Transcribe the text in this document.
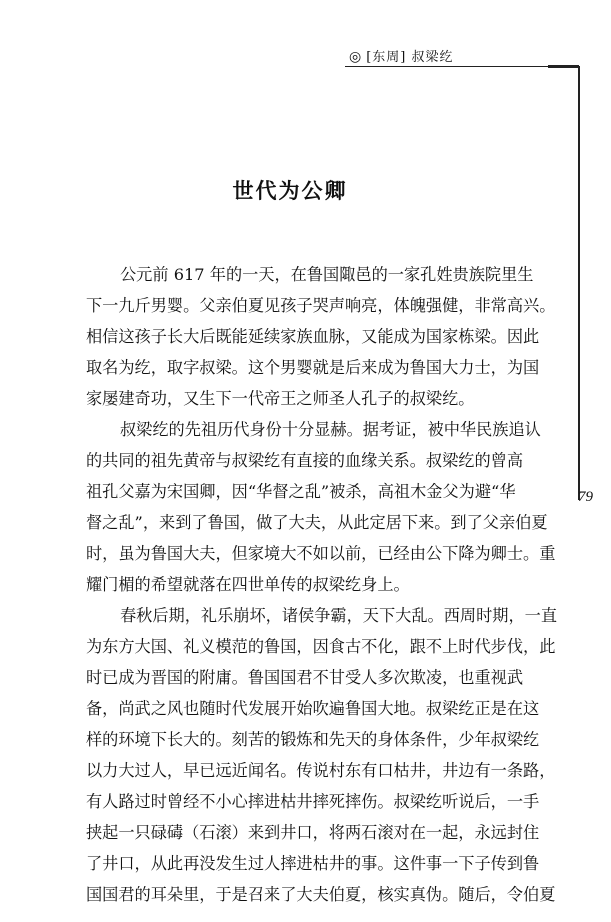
◎ [东周] 叔梁纥
79
世代为公卿
公元前 617 年的一天，在鲁国陬邑的一家孔姓贵族院里生
下一九斤男婴。父亲伯夏见孩子哭声响亮，体魄强健，非常高兴。
相信这孩子长大后既能延续家族血脉，又能成为国家栋梁。因此
取名为纥，取字叔梁。这个男婴就是后来成为鲁国大力士，为国
家屡建奇功，又生下一代帝王之师圣人孔子的叔梁纥。
叔梁纥的先祖历代身份十分显赫。据考证，被中华民族追认
的共同的祖先黄帝与叔梁纥有直接的血缘关系。叔梁纥的曾高
祖孔父嘉为宋国卿，因“华督之乱”被杀，高祖木金父为避“华
督之乱”，来到了鲁国，做了大夫，从此定居下来。到了父亲伯夏
时，虽为鲁国大夫，但家境大不如以前，已经由公下降为卿士。重
耀门楣的希望就落在四世单传的叔梁纥身上。
春秋后期，礼乐崩坏，诸侯争霸，天下大乱。西周时期，一直
为东方大国、礼义模范的鲁国，因食古不化，跟不上时代步伐，此
时已成为晋国的附庸。鲁国国君不甘受人多次欺凌，也重视武
备，尚武之风也随时代发展开始吹遍鲁国大地。叔梁纥正是在这
样的环境下长大的。刻苦的锻炼和先天的身体条件，少年叔梁纥
以力大过人，早已远近闻名。传说村东有口枯井，井边有一条路，
有人路过时曾经不小心摔进枯井摔死摔伤。叔梁纥听说后，一手
挟起一只碌碡（石滚）来到井口，将两石滚对在一起，永远封住
了井口，从此再没发生过人摔进枯井的事。这件事一下子传到鲁
国国君的耳朵里，于是召来了大夫伯夏，核实真伪。随后，令伯夏
